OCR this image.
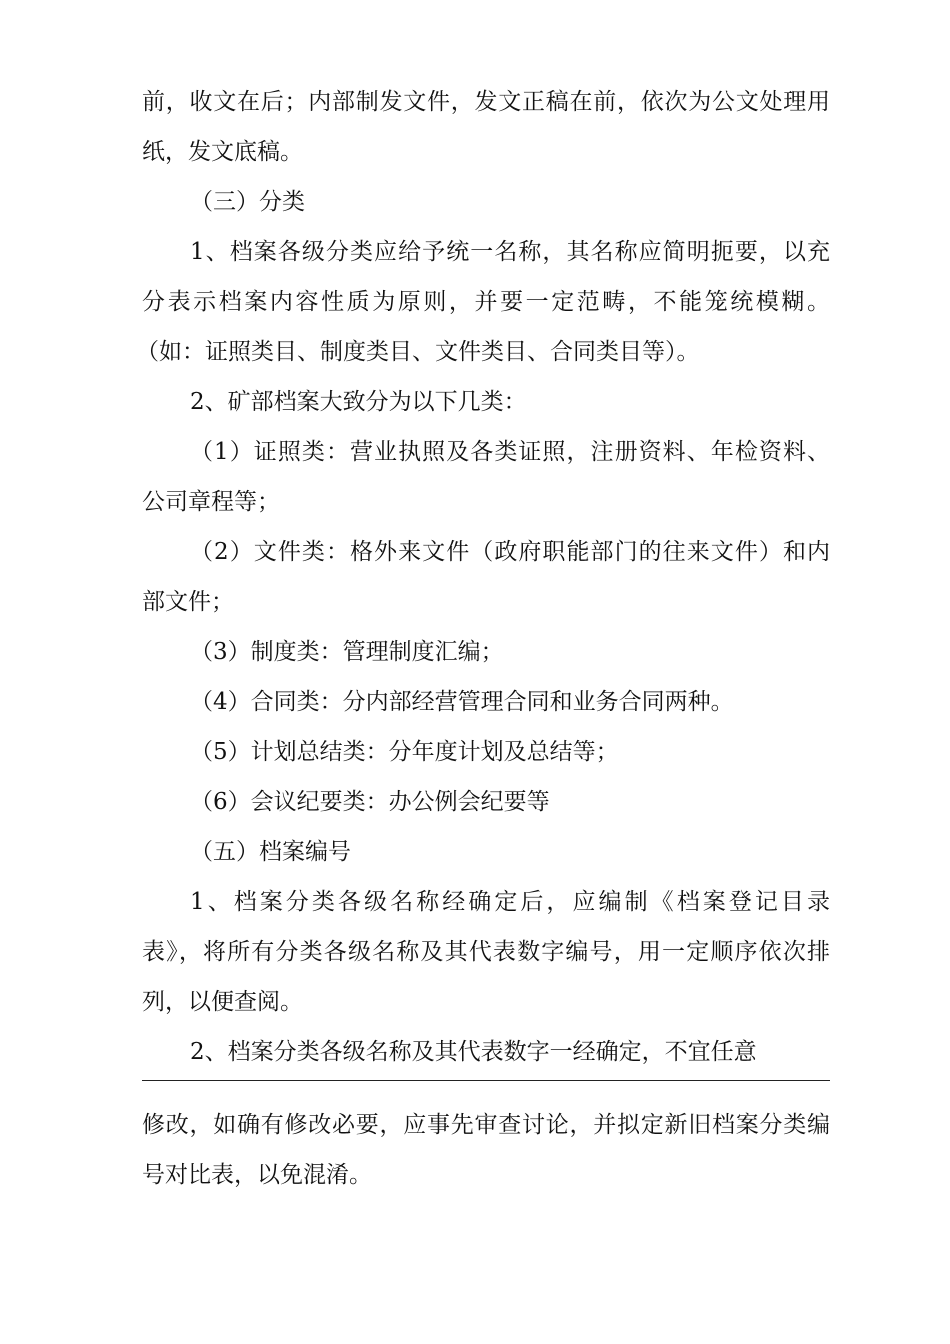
前，收文在后；内部制发文件，发文正稿在前，依次为公文处理用
纸，发文底稿。
（三）分类
1、档案各级分类应给予统一名称，其名称应简明扼要，以充
分表示档案内容性质为原则，并要一定范畴，不能笼统模糊。
（如：证照类目、制度类目、文件类目、合同类目等）。
2、矿部档案大致分为以下几类：
（1）证照类：营业执照及各类证照，注册资料、年检资料、
公司章程等；
（2）文件类：格外来文件（政府职能部门的往来文件）和内
部文件；
（3）制度类：管理制度汇编；
（4）合同类：分内部经营管理合同和业务合同两种。
（5）计划总结类：分年度计划及总结等；
（6）会议纪要类：办公例会纪要等
（五）档案编号
1、档案分类各级名称经确定后，应编制《档案登记目录
表》，将所有分类各级名称及其代表数字编号，用一定顺序依次排
列，以便查阅。
2、档案分类各级名称及其代表数字一经确定，不宜任意
修改，如确有修改必要，应事先审查讨论，并拟定新旧档案分类编
号对比表，以免混淆。
